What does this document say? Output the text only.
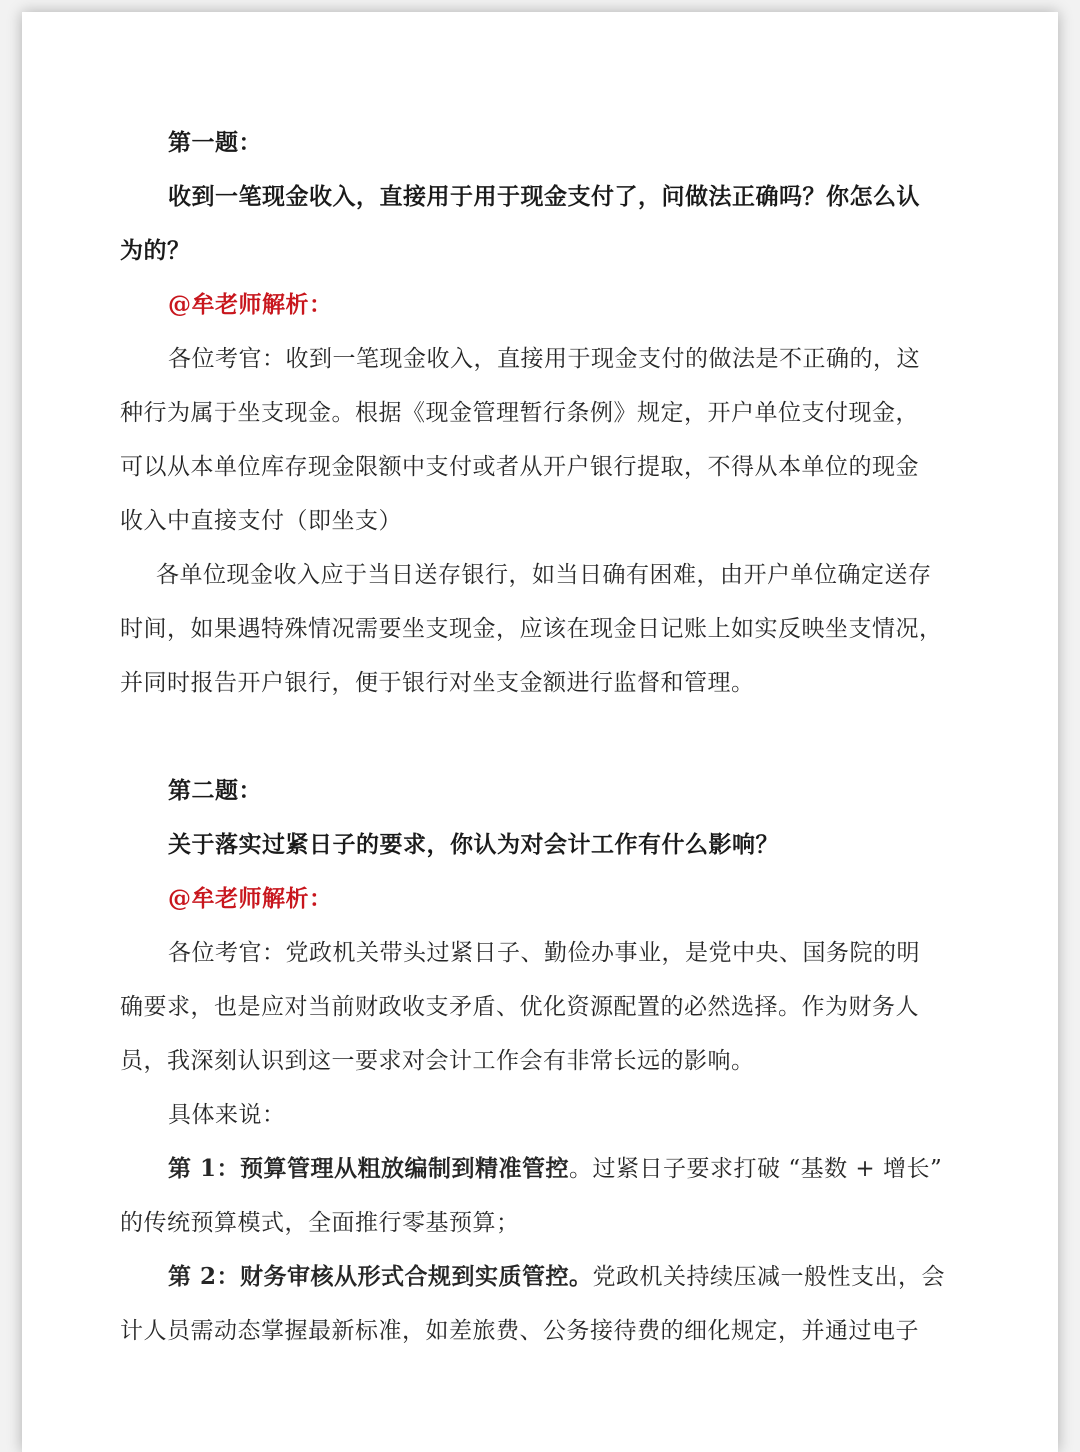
第一题：
收到一笔现金收入，直接用于用于现金支付了，问做法正确吗？你怎么认
为的？
@牟老师解析：
各位考官：收到一笔现金收入，直接用于现金支付的做法是不正确的，这
种行为属于坐支现金。根据《现金管理暂行条例》规定，开户单位支付现金，
可以从本单位库存现金限额中支付或者从开户银行提取，不得从本单位的现金
收入中直接支付（即坐支）
各单位现金收入应于当日送存银行，如当日确有困难，由开户单位确定送存
时间，如果遇特殊情况需要坐支现金，应该在现金日记账上如实反映坐支情况，
并同时报告开户银行，便于银行对坐支金额进行监督和管理。
第二题：
关于落实过紧日子的要求，你认为对会计工作有什么影响？
@牟老师解析：
各位考官：党政机关带头过紧日子、勤俭办事业，是党中央、国务院的明
确要求，也是应对当前财政收支矛盾、优化资源配置的必然选择。作为财务人
员，我深刻认识到这一要求对会计工作会有非常长远的影响。
具体来说：
第 1：预算管理从粗放编制到精准管控。过紧日子要求打破 “基数 + 增长”
的传统预算模式，全面推行零基预算；
第 2：财务审核从形式合规到实质管控。党政机关持续压减一般性支出，会
计人员需动态掌握最新标准，如差旅费、公务接待费的细化规定，并通过电子
